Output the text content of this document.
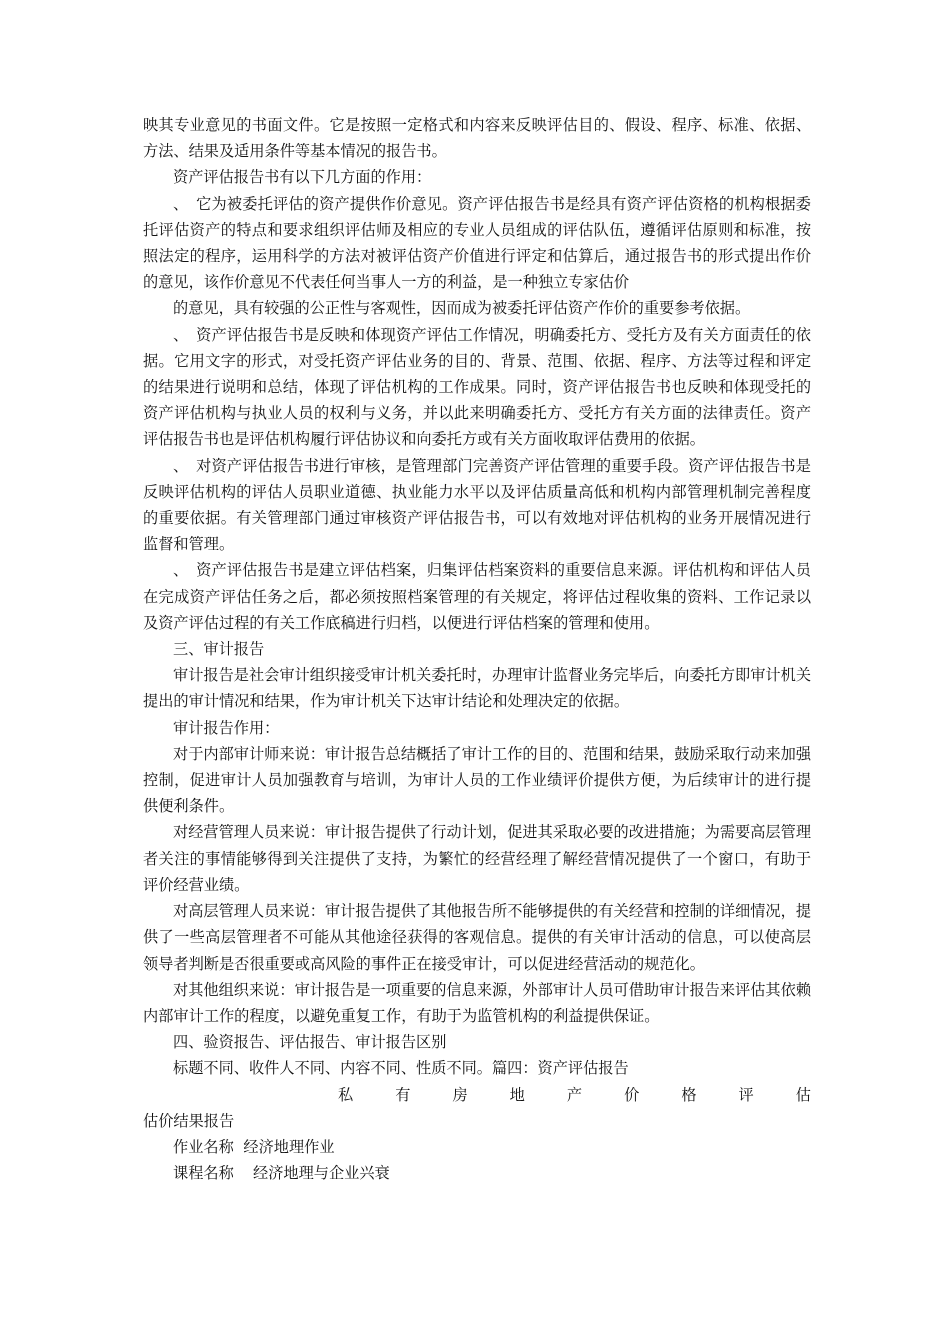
映其专业意见的书面文件。它是按照一定格式和内容来反映评估目的、假设、程序、标准、依据、方法、结果及适用条件等基本情况的报告书。

资产评估报告书有以下几方面的作用：

、　它为被委托评估的资产提供作价意见。资产评估报告书是经具有资产评估资格的机构根据委托评估资产的特点和要求组织评估师及相应的专业人员组成的评估队伍，遵循评估原则和标准，按照法定的程序，运用科学的方法对被评估资产价值进行评定和估算后，通过报告书的形式提出作价的意见，该作价意见不代表任何当事人一方的利益，是一种独立专家估价

的意见，具有较强的公正性与客观性，因而成为被委托评估资产作价的重要参考依据。

、　资产评估报告书是反映和体现资产评估工作情况，明确委托方、受托方及有关方面责任的依据。它用文字的形式，对受托资产评估业务的目的、背景、范围、依据、程序、方法等过程和评定的结果进行说明和总结，体现了评估机构的工作成果。同时，资产评估报告书也反映和体现受托的资产评估机构与执业人员的权利与义务，并以此来明确委托方、受托方有关方面的法律责任。资产评估报告书也是评估机构履行评估协议和向委托方或有关方面收取评估费用的依据。

、　对资产评估报告书进行审核，是管理部门完善资产评估管理的重要手段。资产评估报告书是反映评估机构的评估人员职业道德、执业能力水平以及评估质量高低和机构内部管理机制完善程度的重要依据。有关管理部门通过审核资产评估报告书，可以有效地对评估机构的业务开展情况进行监督和管理。

、　资产评估报告书是建立评估档案，归集评估档案资料的重要信息来源。评估机构和评估人员在完成资产评估任务之后，都必须按照档案管理的有关规定，将评估过程收集的资料、工作记录以及资产评估过程的有关工作底稿进行归档，以便进行评估档案的管理和使用。

三、审计报告

审计报告是社会审计组织接受审计机关委托时，办理审计监督业务完毕后，向委托方即审计机关提出的审计情况和结果，作为审计机关下达审计结论和处理决定的依据。

审计报告作用：

对于内部审计师来说：审计报告总结概括了审计工作的目的、范围和结果，鼓励采取行动来加强控制，促进审计人员加强教育与培训，为审计人员的工作业绩评价提供方便，为后续审计的进行提供便利条件。

对经营管理人员来说：审计报告提供了行动计划，促进其采取必要的改进措施；为需要高层管理者关注的事情能够得到关注提供了支持，为繁忙的经营经理了解经营情况提供了一个窗口，有助于评价经营业绩。

对高层管理人员来说：审计报告提供了其他报告所不能够提供的有关经营和控制的详细情况，提供了一些高层管理者不可能从其他途径获得的客观信息。提供的有关审计活动的信息，可以使高层领导者判断是否很重要或高风险的事件正在接受审计，可以促进经营活动的规范化。

对其他组织来说：审计报告是一项重要的信息来源，外部审计人员可借助审计报告来评估其依赖内部审计工作的程度，以避免重复工作，有助于为监管机构的利益提供保证。

四、验资报告、评估报告、审计报告区别

标题不同、收件人不同、内容不同、性质不同。篇四：资产评估报告

私	有	房	地	产	价	格	评	估

估价结果报告

作业名称  经济地理作业

课程名称    经济地理与企业兴衰
